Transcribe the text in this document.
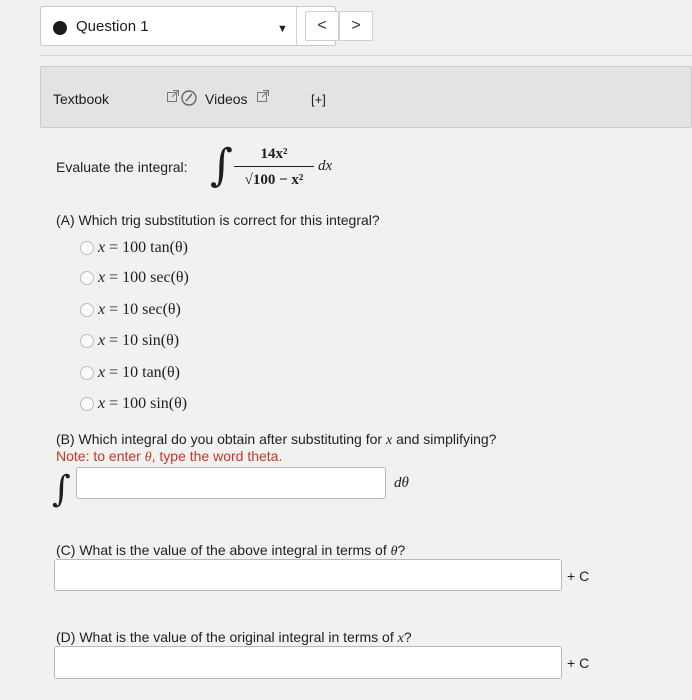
Question 1	▼	<	>
Textbook	Videos	[+]
Evaluate the integral: ∫	14x²
√100 − x²
dx
(A) Which trig substitution is correct for this integral?
x = 100 tan(θ)
x = 100 sec(θ)
x = 10 sec(θ)
x = 10 sin(θ)
x = 10 tan(θ)
x = 100 sin(θ)
(B) Which integral do you obtain after substituting for x and simplifying?
Note: to enter θ, type the word theta.
∫	dθ
(C) What is the value of the above integral in terms of θ?
+ C
(D) What is the value of the original integral in terms of x?
+ C
